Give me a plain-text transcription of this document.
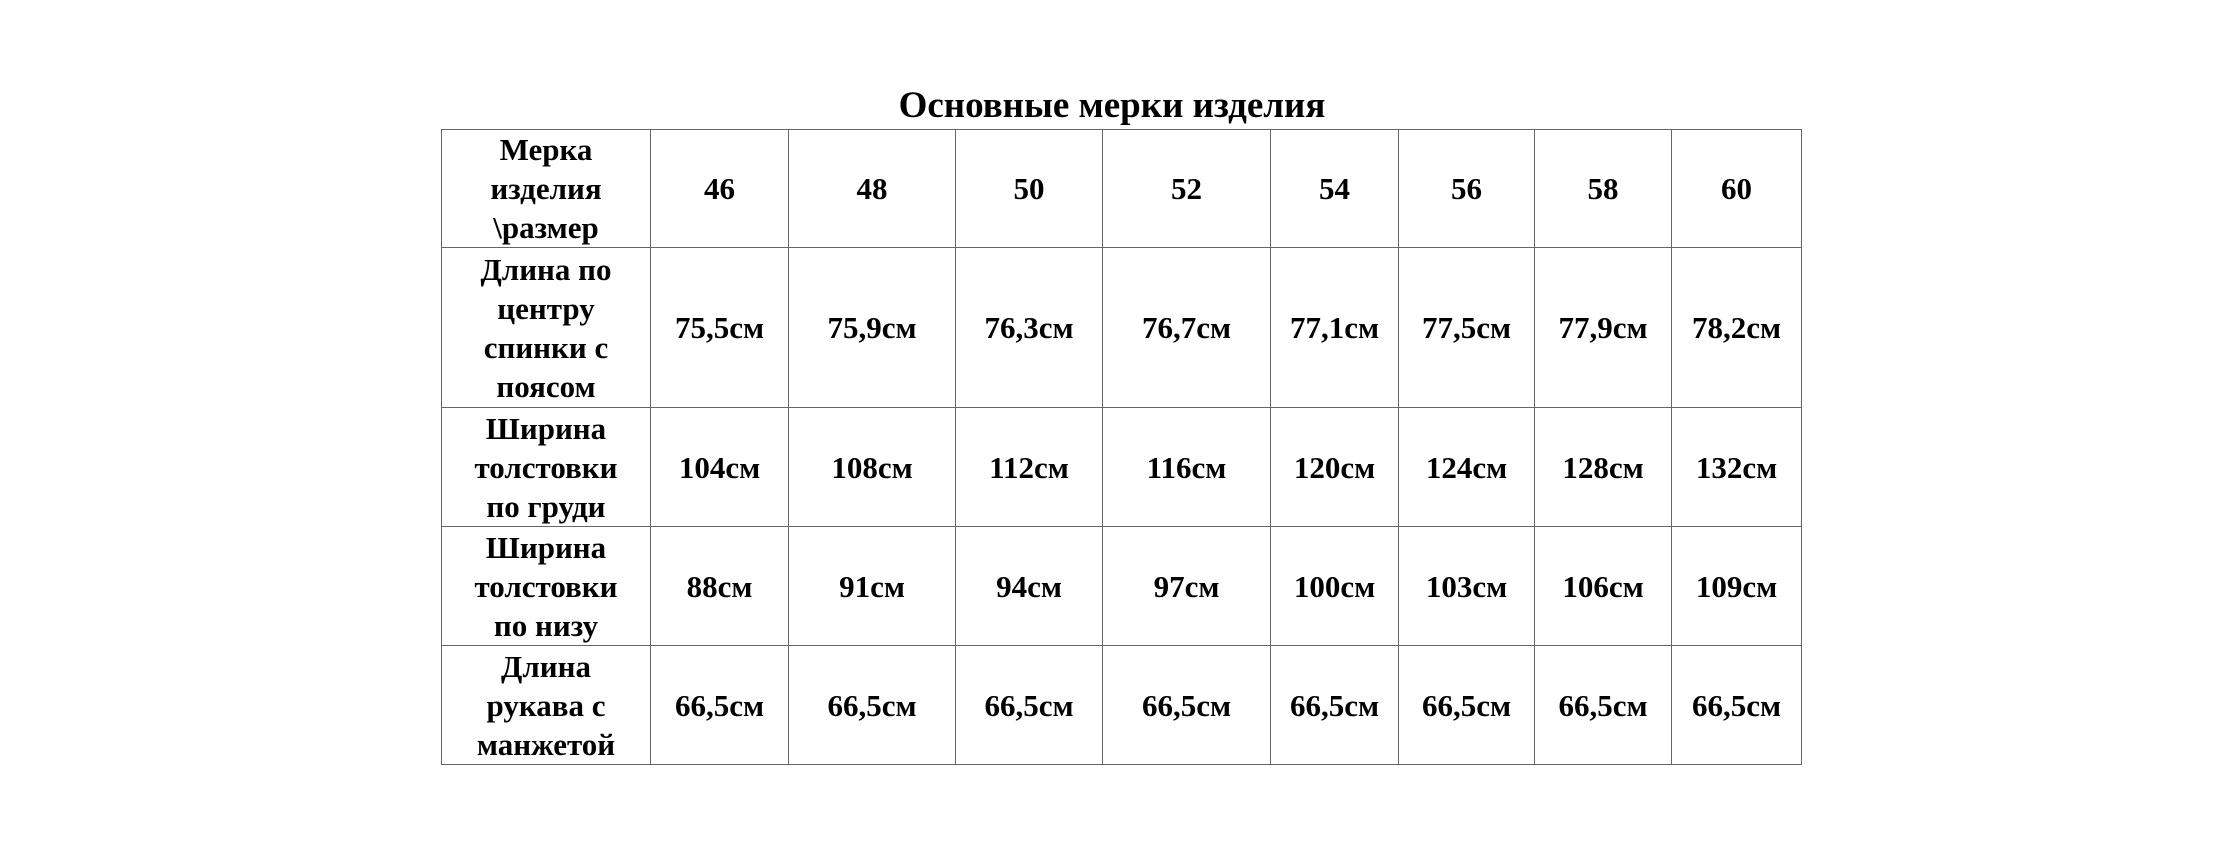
Основные мерки изделия
Мерка
изделия
\размер	46	48	50	52	54	56	58	60
Длина по
центру
спинки с
поясом	75,5см	75,9см	76,3см	76,7см	77,1см	77,5см	77,9см	78,2см
Ширина
толстовки
по груди	104см	108см	112см	116см	120см	124см	128см	132см
Ширина
толстовки
по низу	88см	91см	94см	97см	100см	103см	106см	109см
Длина
рукава с
манжетой	66,5см	66,5см	66,5см	66,5см	66,5см	66,5см	66,5см	66,5см
